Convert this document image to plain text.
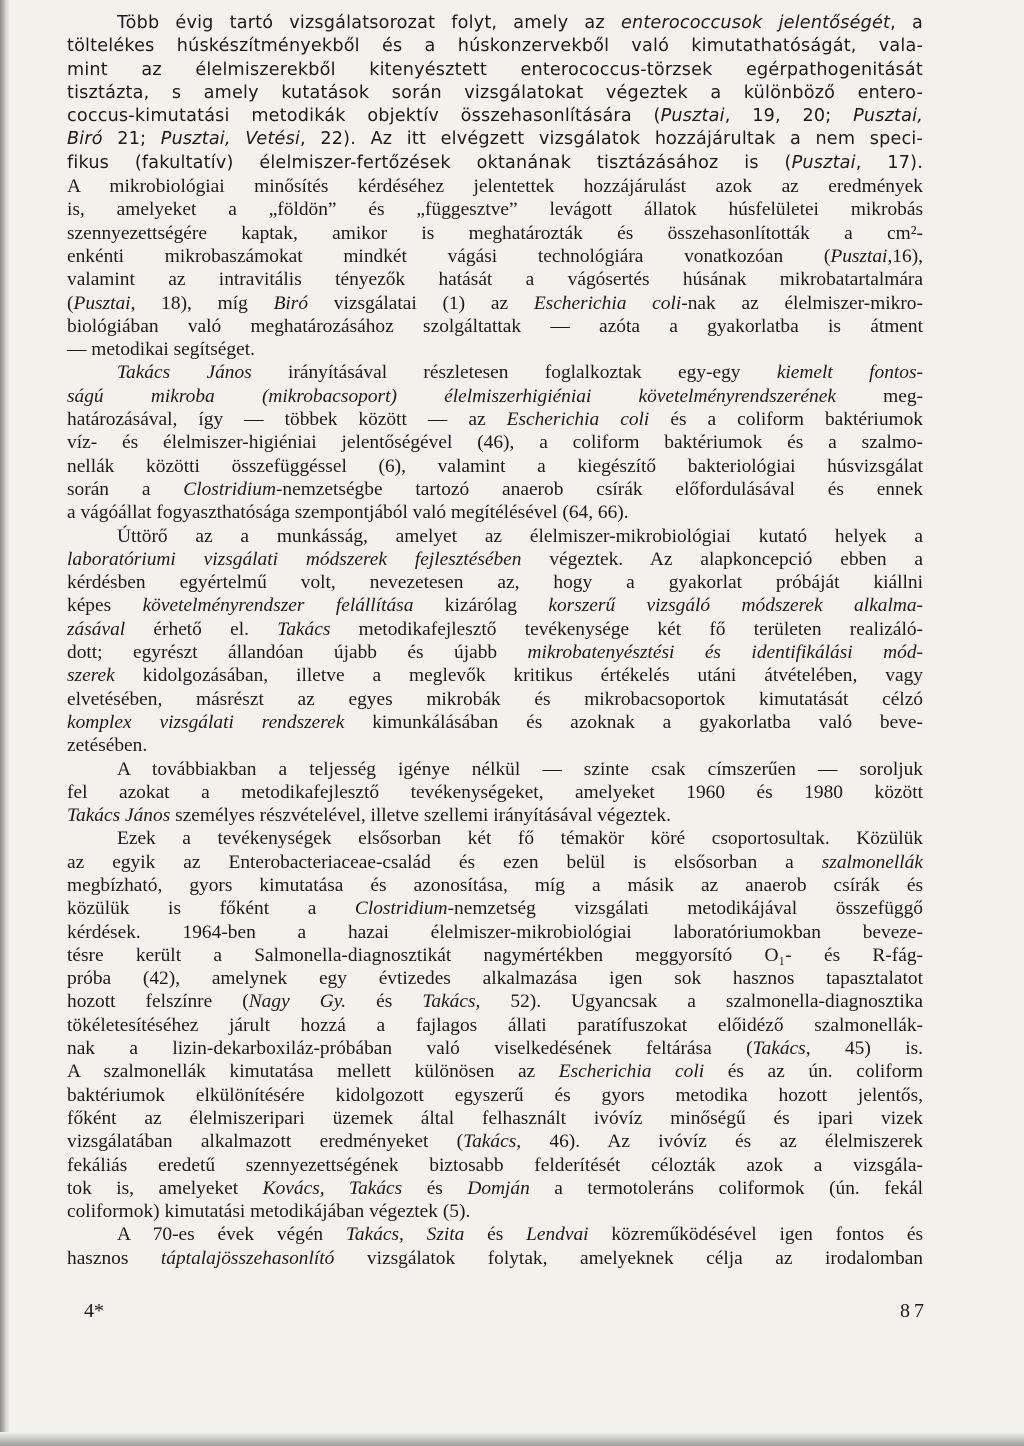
Több évig tartó vizsgálatsorozat folyt, amely az enterococcusok jelentőségét, a
töltelékes húskészítményekből és a húskonzervekből való kimutathatóságát, vala-
mint az élelmiszerekből kitenyésztett enterococcus-törzsek egérpathogenitását
tisztázta, s amely kutatások során vizsgálatokat végeztek a különböző entero-
coccus-kimutatási metodikák objektív összehasonlítására (Pusztai, 19, 20; Pusztai,
Biró 21; Pusztai, Vetési, 22). Az itt elvégzett vizsgálatok hozzájárultak a nem speci-
fikus (fakultatív) élelmiszer-fertőzések oktanának tisztázásához is (Pusztai, 17).
A mikrobiológiai minősítés kérdéséhez jelentettek hozzájárulást azok az eredmények
is, amelyeket a „földön” és „függesztve” levágott állatok húsfelületei mikrobás
szennyezettségére kaptak, amikor is meghatározták és összehasonlították a cm²-
enkénti mikrobaszámokat mindkét vágási technológiára vonatkozóan (Pusztai,16),
valamint az intravitális tényezők hatását a vágósertés húsának mikrobatartalmára
(Pusztai, 18), míg Biró vizsgálatai (1) az Escherichia coli-nak az élelmiszer-mikro-
biológiában való meghatározásához szolgáltattak — azóta a gyakorlatba is átment
— metodikai segítséget.
Takács János irányításával részletesen foglalkoztak egy-egy kiemelt fontos-
ságú mikroba (mikrobacsoport) élelmiszerhigiéniai követelményrendszerének meg-
határozásával, így — többek között — az Escherichia coli és a coliform baktériumok
víz- és élelmiszer-higiéniai jelentőségével (46), a coliform baktériumok és a szalmo-
nellák közötti összefüggéssel (6), valamint a kiegészítő bakteriológiai húsvizsgálat
során a Clostridium-nemzetségbe tartozó anaerob csírák előfordulásával és ennek
a vágóállat fogyaszthatósága szempontjából való megítélésével (64, 66).
Úttörő az a munkásság, amelyet az élelmiszer-mikrobiológiai kutató helyek a
laboratóriumi vizsgálati módszerek fejlesztésében végeztek. Az alapkoncepció ebben a
kérdésben egyértelmű volt, nevezetesen az, hogy a gyakorlat próbáját kiállni
képes követelményrendszer felállítása kizárólag korszerű vizsgáló módszerek alkalma-
zásával érhető el. Takács metodikafejlesztő tevékenysége két fő területen realizáló-
dott; egyrészt állandóan újabb és újabb mikrobatenyésztési és identifikálási mód-
szerek kidolgozásában, illetve a meglevők kritikus értékelés utáni átvételében, vagy
elvetésében, másrészt az egyes mikrobák és mikrobacsoportok kimutatását célzó
komplex vizsgálati rendszerek kimunkálásában és azoknak a gyakorlatba való beve-
zetésében.
A továbbiakban a teljesség igénye nélkül — szinte csak címszerűen — soroljuk
fel azokat a metodikafejlesztő tevékenységeket, amelyeket 1960 és 1980 között
Takács János személyes részvételével, illetve szellemi irányításával végeztek.
Ezek a tevékenységek elsősorban két fő témakör köré csoportosultak. Közülük
az egyik az Enterobacteriaceae-család és ezen belül is elsősorban a szalmonellák
megbízható, gyors kimutatása és azonosítása, míg a másik az anaerob csírák és
közülük is főként a Clostridium-nemzetség vizsgálati metodikájával összefüggő
kérdések. 1964-ben a hazai élelmiszer-mikrobiológiai laboratóriumokban beveze-
tésre került a Salmonella-diagnosztikát nagymértékben meggyorsító O₁- és R-fág-
próba (42), amelynek egy évtizedes alkalmazása igen sok hasznos tapasztalatot
hozott felszínre (Nagy Gy. és Takács, 52). Ugyancsak a szalmonella-diagnosztika
tökéletesítéséhez járult hozzá a fajlagos állati paratífuszokat előidéző szalmonellák-
nak a lizin-dekarboxiláz-próbában való viselkedésének feltárása (Takács, 45) is.
A szalmonellák kimutatása mellett különösen az Escherichia coli és az ún. coliform
baktériumok elkülönítésére kidolgozott egyszerű és gyors metodika hozott jelentős,
főként az élelmiszeripari üzemek által felhasznált ivóvíz minőségű és ipari vizek
vizsgálatában alkalmazott eredményeket (Takács, 46). Az ivóvíz és az élelmiszerek
fekáliás eredetű szennyezettségének biztosabb felderítését célozták azok a vizsgála-
tok is, amelyeket Kovács, Takács és Domján a termotoleráns coliformok (ún. fekál
coliformok) kimutatási metodikájában végeztek (5).
A 70-es évek végén Takács, Szita és Lendvai közreműködésével igen fontos és
hasznos táptalajösszehasonlító vizsgálatok folytak, amelyeknek célja az irodalomban
4*	87
